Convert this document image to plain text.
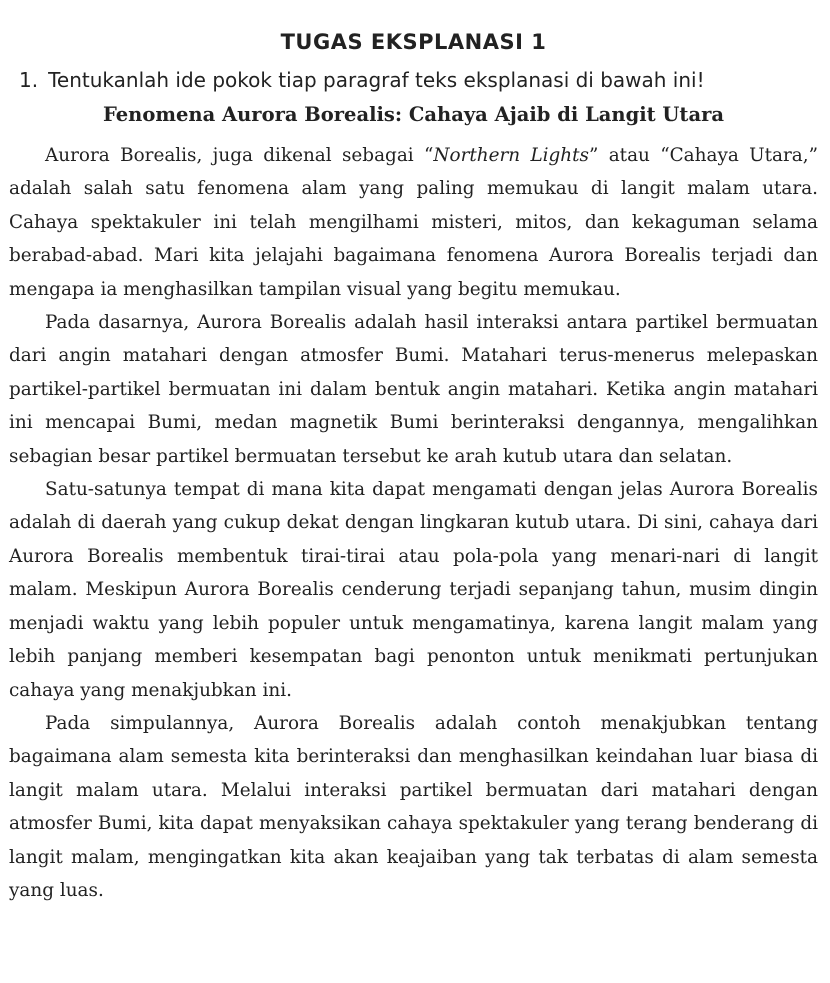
TUGAS EKSPLANASI 1
1. Tentukanlah ide pokok tiap paragraf teks eksplanasi di bawah ini!
Fenomena Aurora Borealis: Cahaya Ajaib di Langit Utara

Aurora Borealis, juga dikenal sebagai “Northern Lights” atau “Cahaya Utara,” adalah salah satu fenomena alam yang paling memukau di langit malam utara. Cahaya spektakuler ini telah mengilhami misteri, mitos, dan kekaguman selama berabad-abad. Mari kita jelajahi bagaimana fenomena Aurora Borealis terjadi dan mengapa ia menghasilkan tampilan visual yang begitu memukau.

Pada dasarnya, Aurora Borealis adalah hasil interaksi antara partikel bermuatan dari angin matahari dengan atmosfer Bumi. Matahari terus-menerus melepaskan partikel-partikel bermuatan ini dalam bentuk angin matahari. Ketika angin matahari ini mencapai Bumi, medan magnetik Bumi berinteraksi dengannya, mengalihkan sebagian besar partikel bermuatan tersebut ke arah kutub utara dan selatan.

Satu-satunya tempat di mana kita dapat mengamati dengan jelas Aurora Borealis adalah di daerah yang cukup dekat dengan lingkaran kutub utara. Di sini, cahaya dari Aurora Borealis membentuk tirai-tirai atau pola-pola yang menari-nari di langit malam. Meskipun Aurora Borealis cenderung terjadi sepanjang tahun, musim dingin menjadi waktu yang lebih populer untuk mengamatinya, karena langit malam yang lebih panjang memberi kesempatan bagi penonton untuk menikmati pertunjukan cahaya yang menakjubkan ini.

Pada simpulannya, Aurora Borealis adalah contoh menakjubkan tentang bagaimana alam semesta kita berinteraksi dan menghasilkan keindahan luar biasa di langit malam utara. Melalui interaksi partikel bermuatan dari matahari dengan atmosfer Bumi, kita dapat menyaksikan cahaya spektakuler yang terang benderang di langit malam, mengingatkan kita akan keajaiban yang tak terbatas di alam semesta yang luas.
